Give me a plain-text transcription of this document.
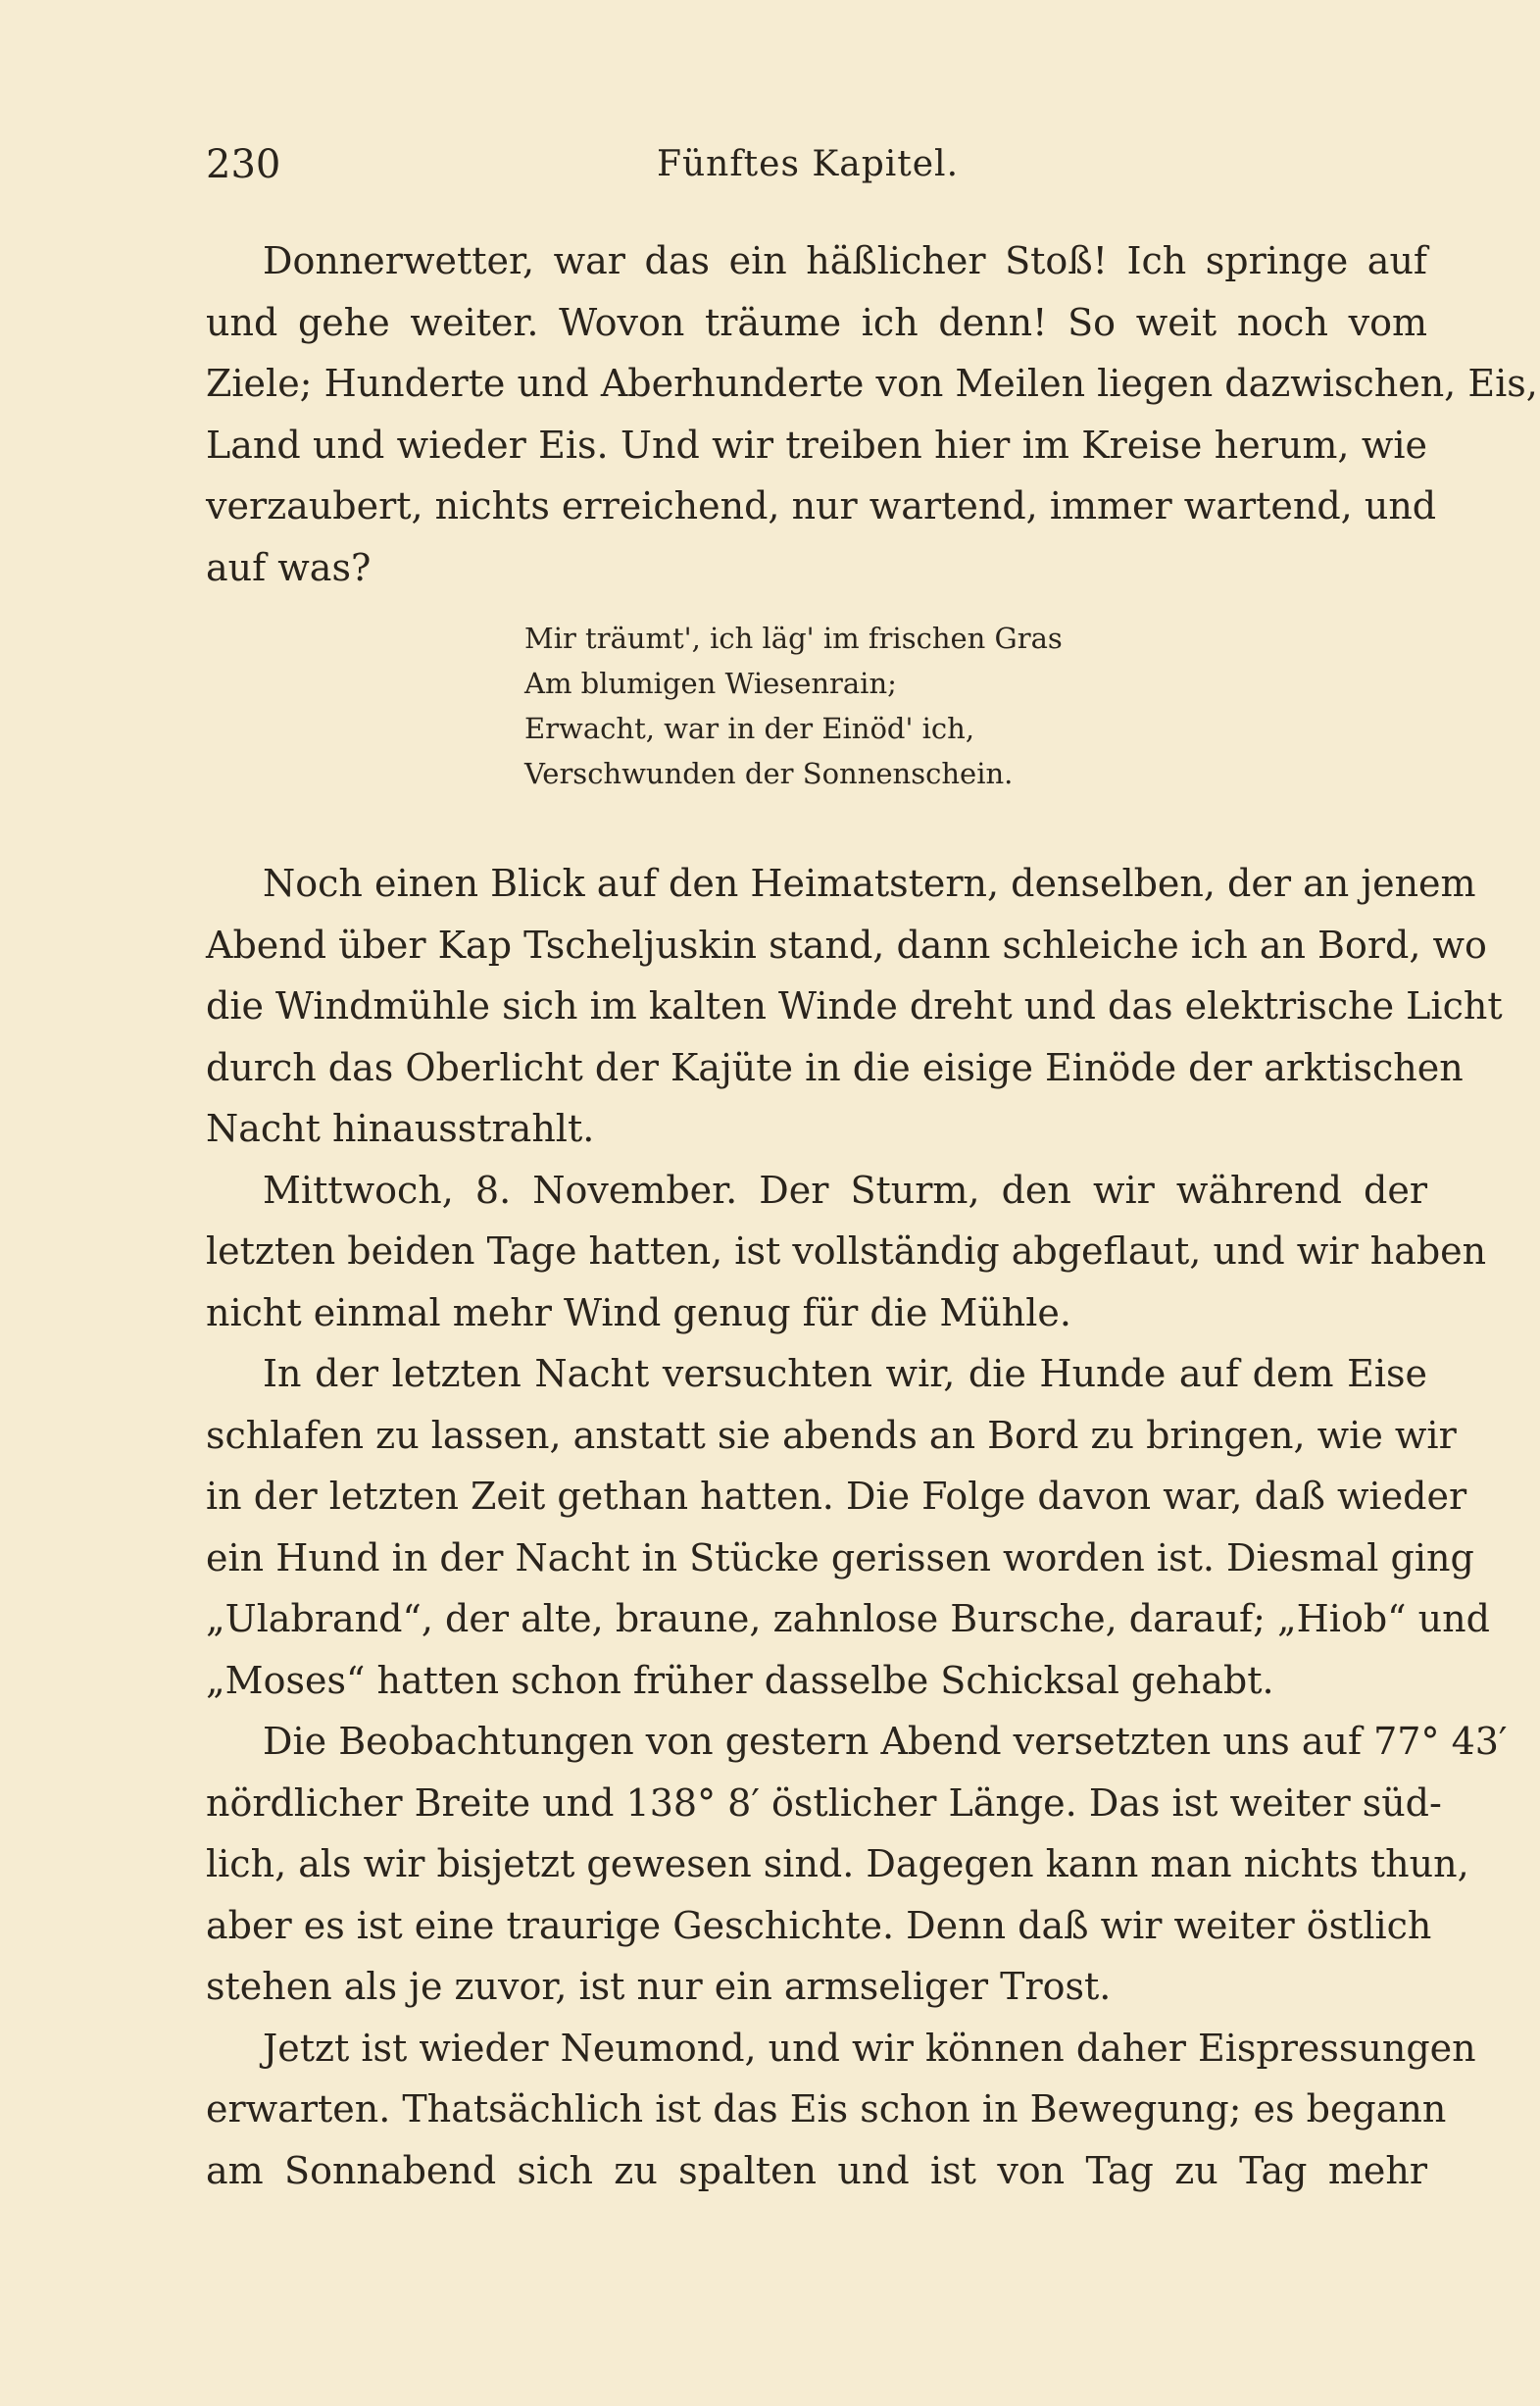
230	Fünftes Kapitel.

Donnerwetter, war das ein häßlicher Stoß! Ich springe auf
und gehe weiter. Wovon träume ich denn! So weit noch vom
Ziele; Hunderte und Aberhunderte von Meilen liegen dazwischen, Eis,
Land und wieder Eis. Und wir treiben hier im Kreise herum, wie
verzaubert, nichts erreichend, nur wartend, immer wartend, und
auf was?

Mir träumt', ich läg' im frischen Gras
Am blumigen Wiesenrain;
Erwacht, war in der Einöd' ich,
Verschwunden der Sonnenschein.

Noch einen Blick auf den Heimatstern, denselben, der an jenem
Abend über Kap Tscheljuskin stand, dann schleiche ich an Bord, wo
die Windmühle sich im kalten Winde dreht und das elektrische Licht
durch das Oberlicht der Kajüte in die eisige Einöde der arktischen
Nacht hinausstrahlt.

Mittwoch, 8. November. Der Sturm, den wir während der
letzten beiden Tage hatten, ist vollständig abgeflaut, und wir haben
nicht einmal mehr Wind genug für die Mühle.

In der letzten Nacht versuchten wir, die Hunde auf dem Eise
schlafen zu lassen, anstatt sie abends an Bord zu bringen, wie wir
in der letzten Zeit gethan hatten. Die Folge davon war, daß wieder
ein Hund in der Nacht in Stücke gerissen worden ist. Diesmal ging
„Ulabrand“, der alte, braune, zahnlose Bursche, darauf; „Hiob“ und
„Moses“ hatten schon früher dasselbe Schicksal gehabt.

Die Beobachtungen von gestern Abend versetzten uns auf 77° 43′
nördlicher Breite und 138° 8′ östlicher Länge. Das ist weiter süd-
lich, als wir bisjetzt gewesen sind. Dagegen kann man nichts thun,
aber es ist eine traurige Geschichte. Denn daß wir weiter östlich
stehen als je zuvor, ist nur ein armseliger Trost.

Jetzt ist wieder Neumond, und wir können daher Eispressungen
erwarten. Thatsächlich ist das Eis schon in Bewegung; es begann
am Sonnabend sich zu spalten und ist von Tag zu Tag mehr
